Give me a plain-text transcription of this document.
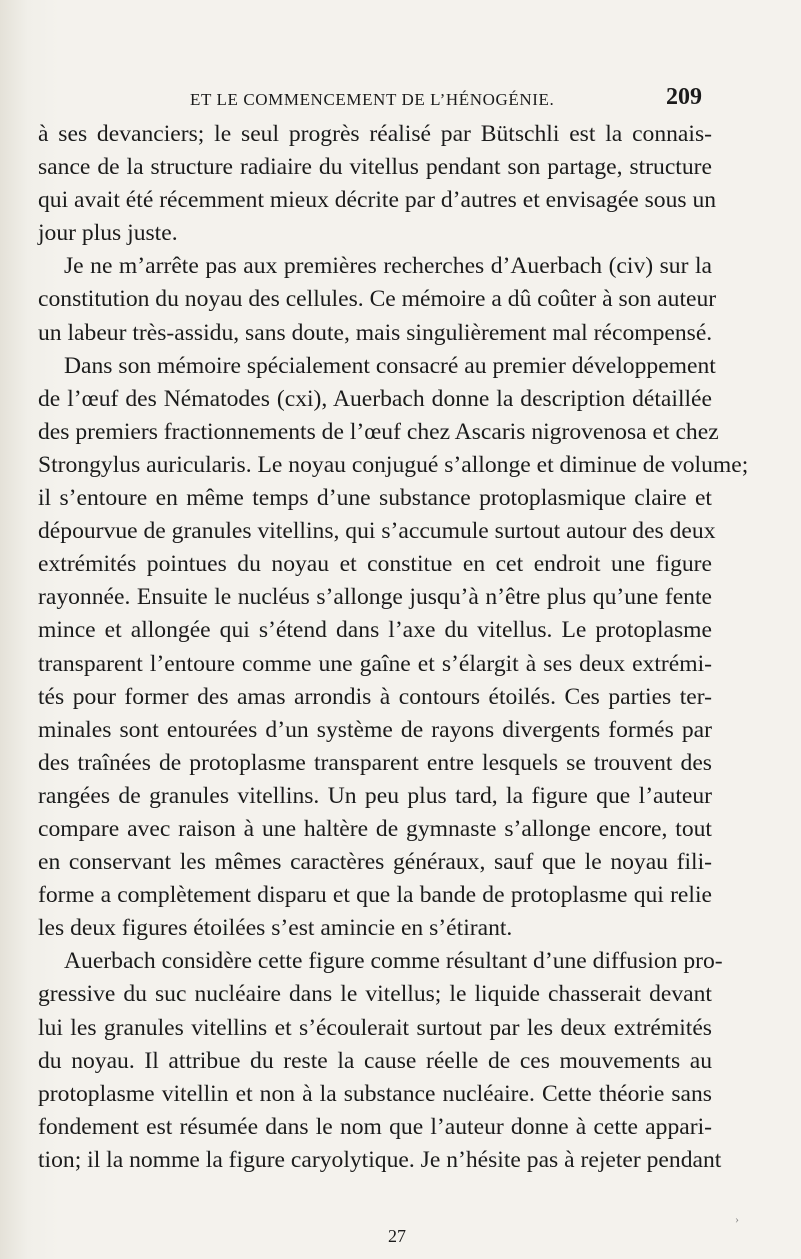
ET LE COMMENCEMENT DE L’HÉNOGÉNIE.	209
à ses devanciers; le seul progrès réalisé par Bütschli est la connais-
sance de la structure radiaire du vitellus pendant son partage, structure
qui avait été récemment mieux décrite par d’autres et envisagée sous un
jour plus juste.
Je ne m’arrête pas aux premières recherches d’Auerbach (civ) sur la
constitution du noyau des cellules. Ce mémoire a dû coûter à son auteur
un labeur très-assidu, sans doute, mais singulièrement mal récompensé.
Dans son mémoire spécialement consacré au premier développement
de l’œuf des Nématodes (cxi), Auerbach donne la description détaillée
des premiers fractionnements de l’œuf chez Ascaris nigrovenosa et chez
Strongylus auricularis. Le noyau conjugué s’allonge et diminue de volume;
il s’entoure en même temps d’une substance protoplasmique claire et
dépourvue de granules vitellins, qui s’accumule surtout autour des deux
extrémités pointues du noyau et constitue en cet endroit une figure
rayonnée. Ensuite le nucléus s’allonge jusqu’à n’être plus qu’une fente
mince et allongée qui s’étend dans l’axe du vitellus. Le protoplasme
transparent l’entoure comme une gaîne et s’élargit à ses deux extrémi-
tés pour former des amas arrondis à contours étoilés. Ces parties ter-
minales sont entourées d’un système de rayons divergents formés par
des traînées de protoplasme transparent entre lesquels se trouvent des
rangées de granules vitellins. Un peu plus tard, la figure que l’auteur
compare avec raison à une haltère de gymnaste s’allonge encore, tout
en conservant les mêmes caractères généraux, sauf que le noyau fili-
forme a complètement disparu et que la bande de protoplasme qui relie
les deux figures étoilées s’est amincie en s’étirant.
Auerbach considère cette figure comme résultant d’une diffusion pro-
gressive du suc nucléaire dans le vitellus; le liquide chasserait devant
lui les granules vitellins et s’écoulerait surtout par les deux extrémités
du noyau. Il attribue du reste la cause réelle de ces mouvements au
protoplasme vitellin et non à la substance nucléaire. Cette théorie sans
fondement est résumée dans le nom que l’auteur donne à cette appari-
tion; il la nomme la figure caryolytique. Je n’hésite pas à rejeter pendant
›
27
